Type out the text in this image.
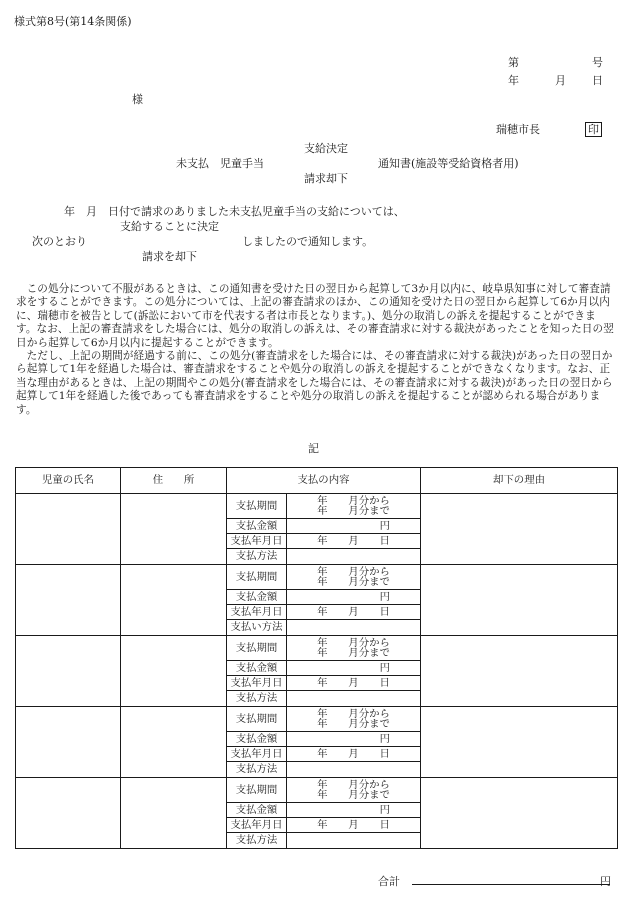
様式第8号(第14条関係)
第	号
年	月 日
様
瑞穂市長	印
支給決定
未支払　児童手当	通知書(施設等受給資格者用)
請求却下
年　月　日付で請求のありました未支払児童手当の支給については、
支給することに決定
次のとおり	しましたので通知します。
請求を却下

この処分について不服があるときは、この通知書を受けた日の翌日から起算して3か月以内に、岐阜県知事に対して審査請求をすることができます。この処分については、上記の審査請求のほか、この通知を受けた日の翌日から起算して6か月以内に、瑞穂市を被告として(訴訟において市を代表する者は市長となります。)、処分の取消しの訴えを提起することができます。なお、上記の審査請求をした場合には、処分の取消しの訴えは、その審査請求に対する裁決があったことを知った日の翌日から起算して6か月以内に提起することができます。

ただし、上記の期間が経過する前に、この処分(審査請求をした場合には、その審査請求に対する裁決)があった日の翌日から起算して1年を経過した場合は、審査請求をすることや処分の取消しの訴えを提起することができなくなります。なお、正当な理由があるときは、上記の期間やこの処分(審査請求をした場合には、その審査請求に対する裁決)があった日の翌日から起算して1年を経過した後であっても審査請求をすることや処分の取消しの訴えを提起することが認められる場合があります。

記
児童の氏名	住　　所	支払の内容		却下の理由
		支払期間	年　　月分から
年　　月分まで	

		支払金額	円	
		支払年月日	年　　月　　日	
		支払方法		
		支払期間	年　　月分から
年　　月分まで	

		支払金額	円	
		支払年月日	年　　月　　日	
		支払い方法		
		支払期間	年　　月分から
年　　月分まで	

		支払金額	円	
		支払年月日	年　　月　　日	
		支払方法		
		支払期間	年　　月分から
年　　月分まで	

		支払金額	円	
		支払年月日	年　　月　　日	
		支払方法		
		支払期間	年　　月分から
年　　月分まで	

		支払金額	円	
		支払年月日	年　　月　　日	
		支払方法		
合計	円
